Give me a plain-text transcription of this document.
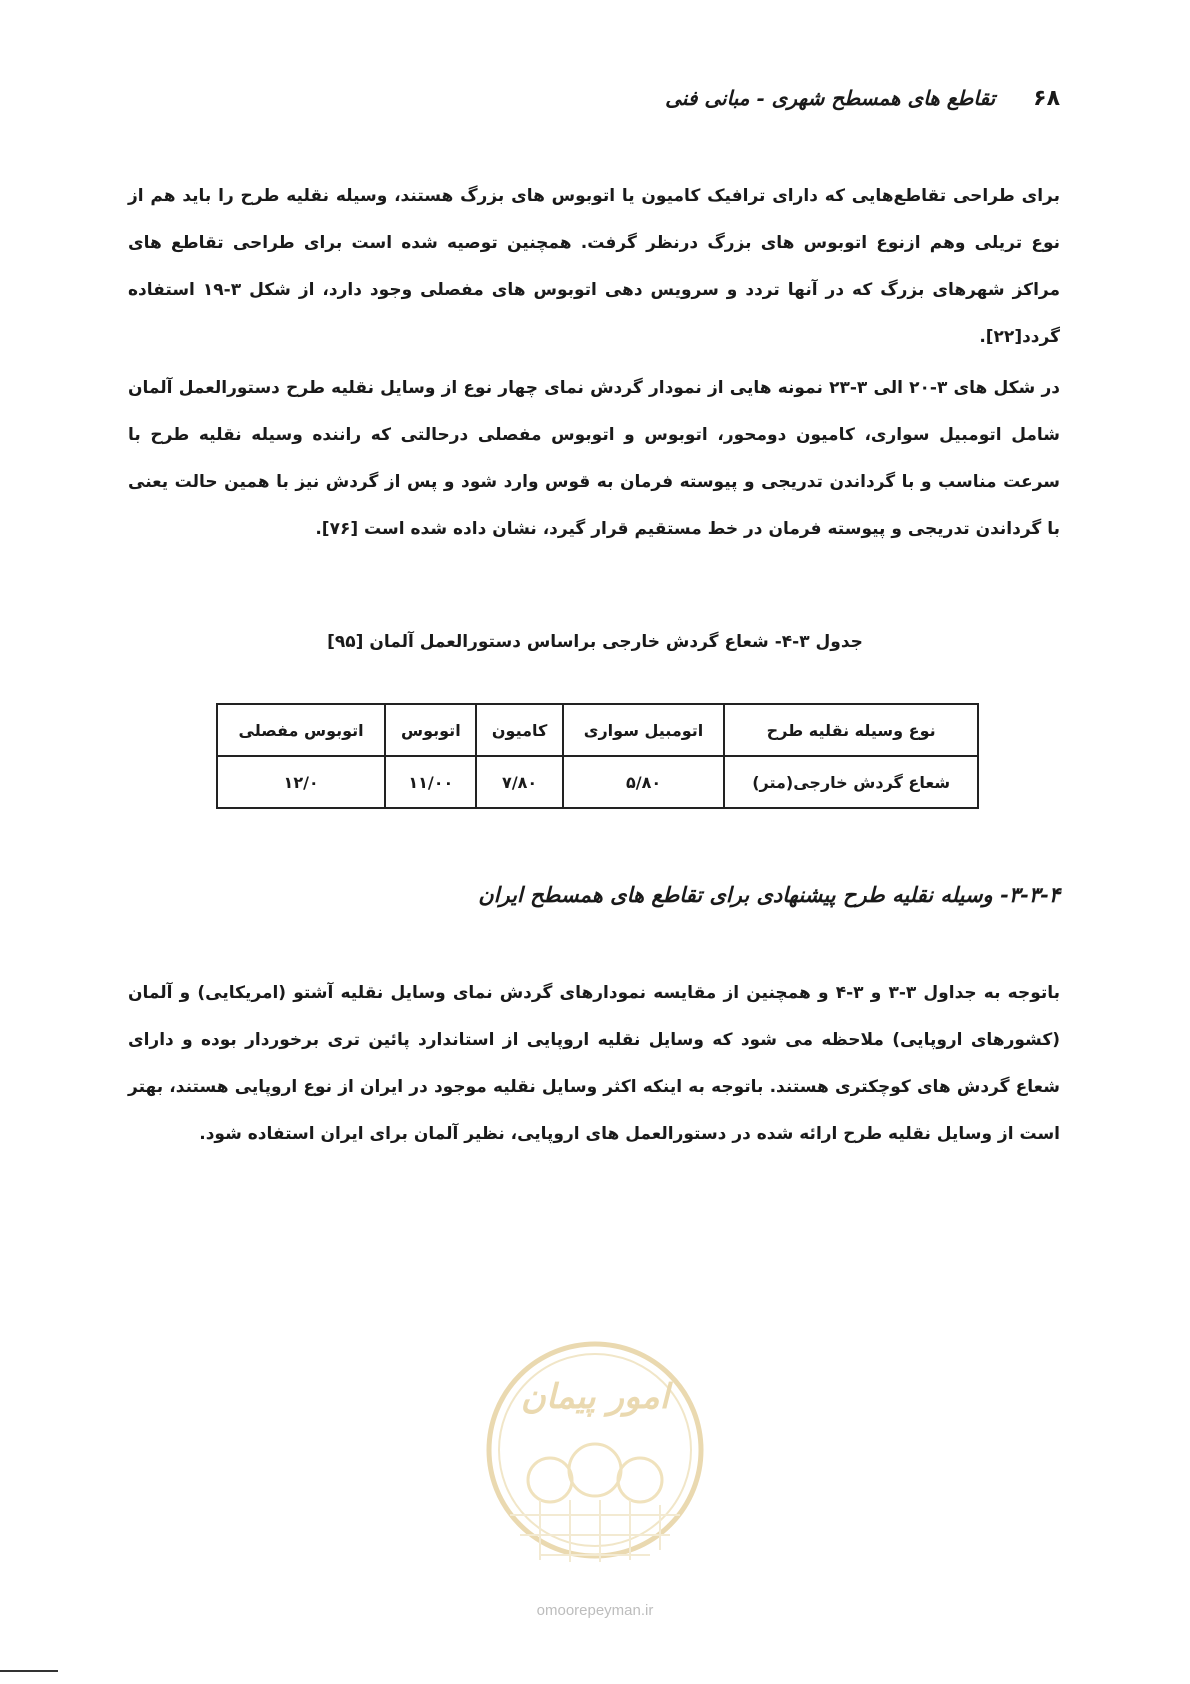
۶۸
تقاطع های همسطح شهری - مبانی فنی

برای طراحی تقاطع‌هایی که دارای ترافیک کامیون یا اتوبوس های بزرگ هستند، وسیله نقلیه طرح را باید هم از نوع تریلی وهم ازنوع اتوبوس های بزرگ درنظر گرفت. همچنین توصیه شده است برای طراحی تقاطع های مراکز شهرهای بزرگ که در آنها تردد و سرویس دهی اتوبوس های مفصلی وجود دارد، از شکل ۳-۱۹ استفاده گردد[۲۲].

در شکل های ۳-۲۰ الی ۳-۲۳ نمونه هایی از نمودار گردش نمای چهار نوع از وسایل نقلیه طرح دستورالعمل آلمان شامل اتومبیل سواری، کامیون دومحور، اتوبوس و اتوبوس مفصلی درحالتی که راننده وسیله نقلیه طرح با سرعت مناسب و با گرداندن تدریجی و پیوسته فرمان به قوس وارد شود و پس از گردش نیز با همین حالت یعنی با گرداندن تدریجی و پیوسته فرمان در خط مستقیم قرار گیرد، نشان داده شده است [۷۶].

جدول ۳-۴- شعاع گردش خارجی براساس دستورالعمل آلمان [۹۵]
نوع وسیله نقلیه طرح	اتومبیل سواری	کامیون	اتوبوس	اتوبوس مفصلی
شعاع گردش خارجی(متر)	۵/۸۰	۷/۸۰	۱۱/۰۰	۱۲/۰
۳-۳-۴- وسیله نقلیه طرح پیشنهادی برای تقاطع های همسطح ایران

باتوجه به جداول ۳-۳ و ۳-۴ و همچنین از مقایسه نمودارهای گردش نمای وسایل نقلیه آشتو (امریکایی) و آلمان (کشورهای اروپایی) ملاحظه می شود که وسایل نقلیه اروپایی از استاندارد پائین تری برخوردار بوده و دارای شعاع گردش های کوچکتری هستند. باتوجه به اینکه اکثر وسایل نقلیه موجود در ایران از نوع اروپایی هستند، بهتر است از وسایل نقلیه طرح ارائه شده در دستورالعمل های اروپایی، نظیر آلمان برای ایران استفاده شود.

امور پیمان
omoorepeyman.ir
